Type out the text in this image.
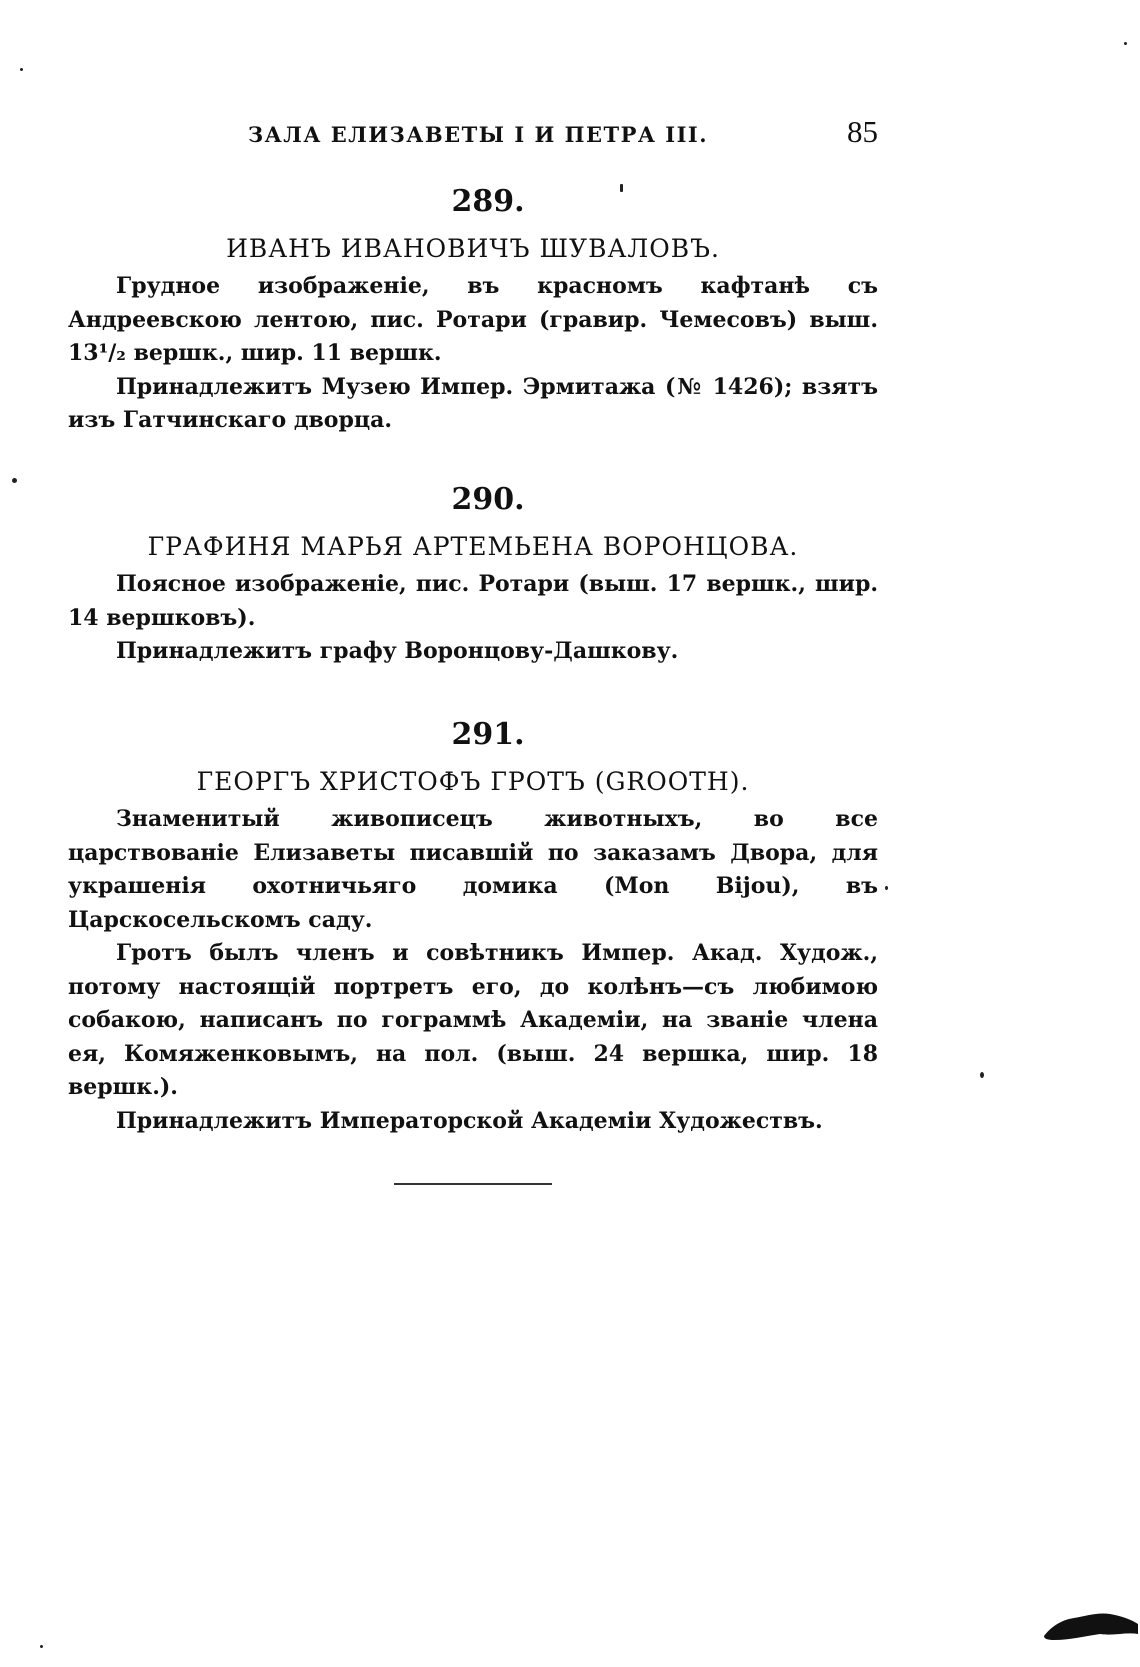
ЗАЛА ЕЛИЗАВЕТЫ I И ПЕТРА III.	85
289.
ИВАНЪ ИВАНОВИЧЪ ШУВАЛОВЪ.

Грудное изображеніе, въ красномъ кафтанѣ съ Андреевскою лентою, пис. Ротари (гравир. Чемесовъ) выш. 13¹/₂ вершк., шир. 11 вершк.

Принадлежитъ Музею Импер. Эрмитажа (№ 1426); взятъ изъ Гатчинскаго дворца.

290.
ГРАФИНЯ МАРЬЯ АРТЕМЬЕНА ВОРОНЦОВА.

Поясное изображеніе, пис. Ротари (выш. 17 вершк., шир. 14 вершковъ).

Принадлежитъ графу Воронцову-Дашкову.

291.
ГЕОРГЪ ХРИСТОФЪ ГРОТЪ (GROOTH).

Знаменитый живописецъ животныхъ, во все царствованіе Елизаветы писавшій по заказамъ Двора, для украшенія охотничьяго домика (Mon Bijou), въ Царскосельскомъ саду.

Гротъ былъ членъ и совѣтникъ Импер. Акад. Худож., потому настоящій портретъ его, до колѣнъ—съ любимою собакою, написанъ по гограммѣ Академіи, на званіе члена ея, Комяженковымъ, на пол. (выш. 24 вершка, шир. 18 вершк.).

Принадлежитъ Императорской Академіи Художествъ.
